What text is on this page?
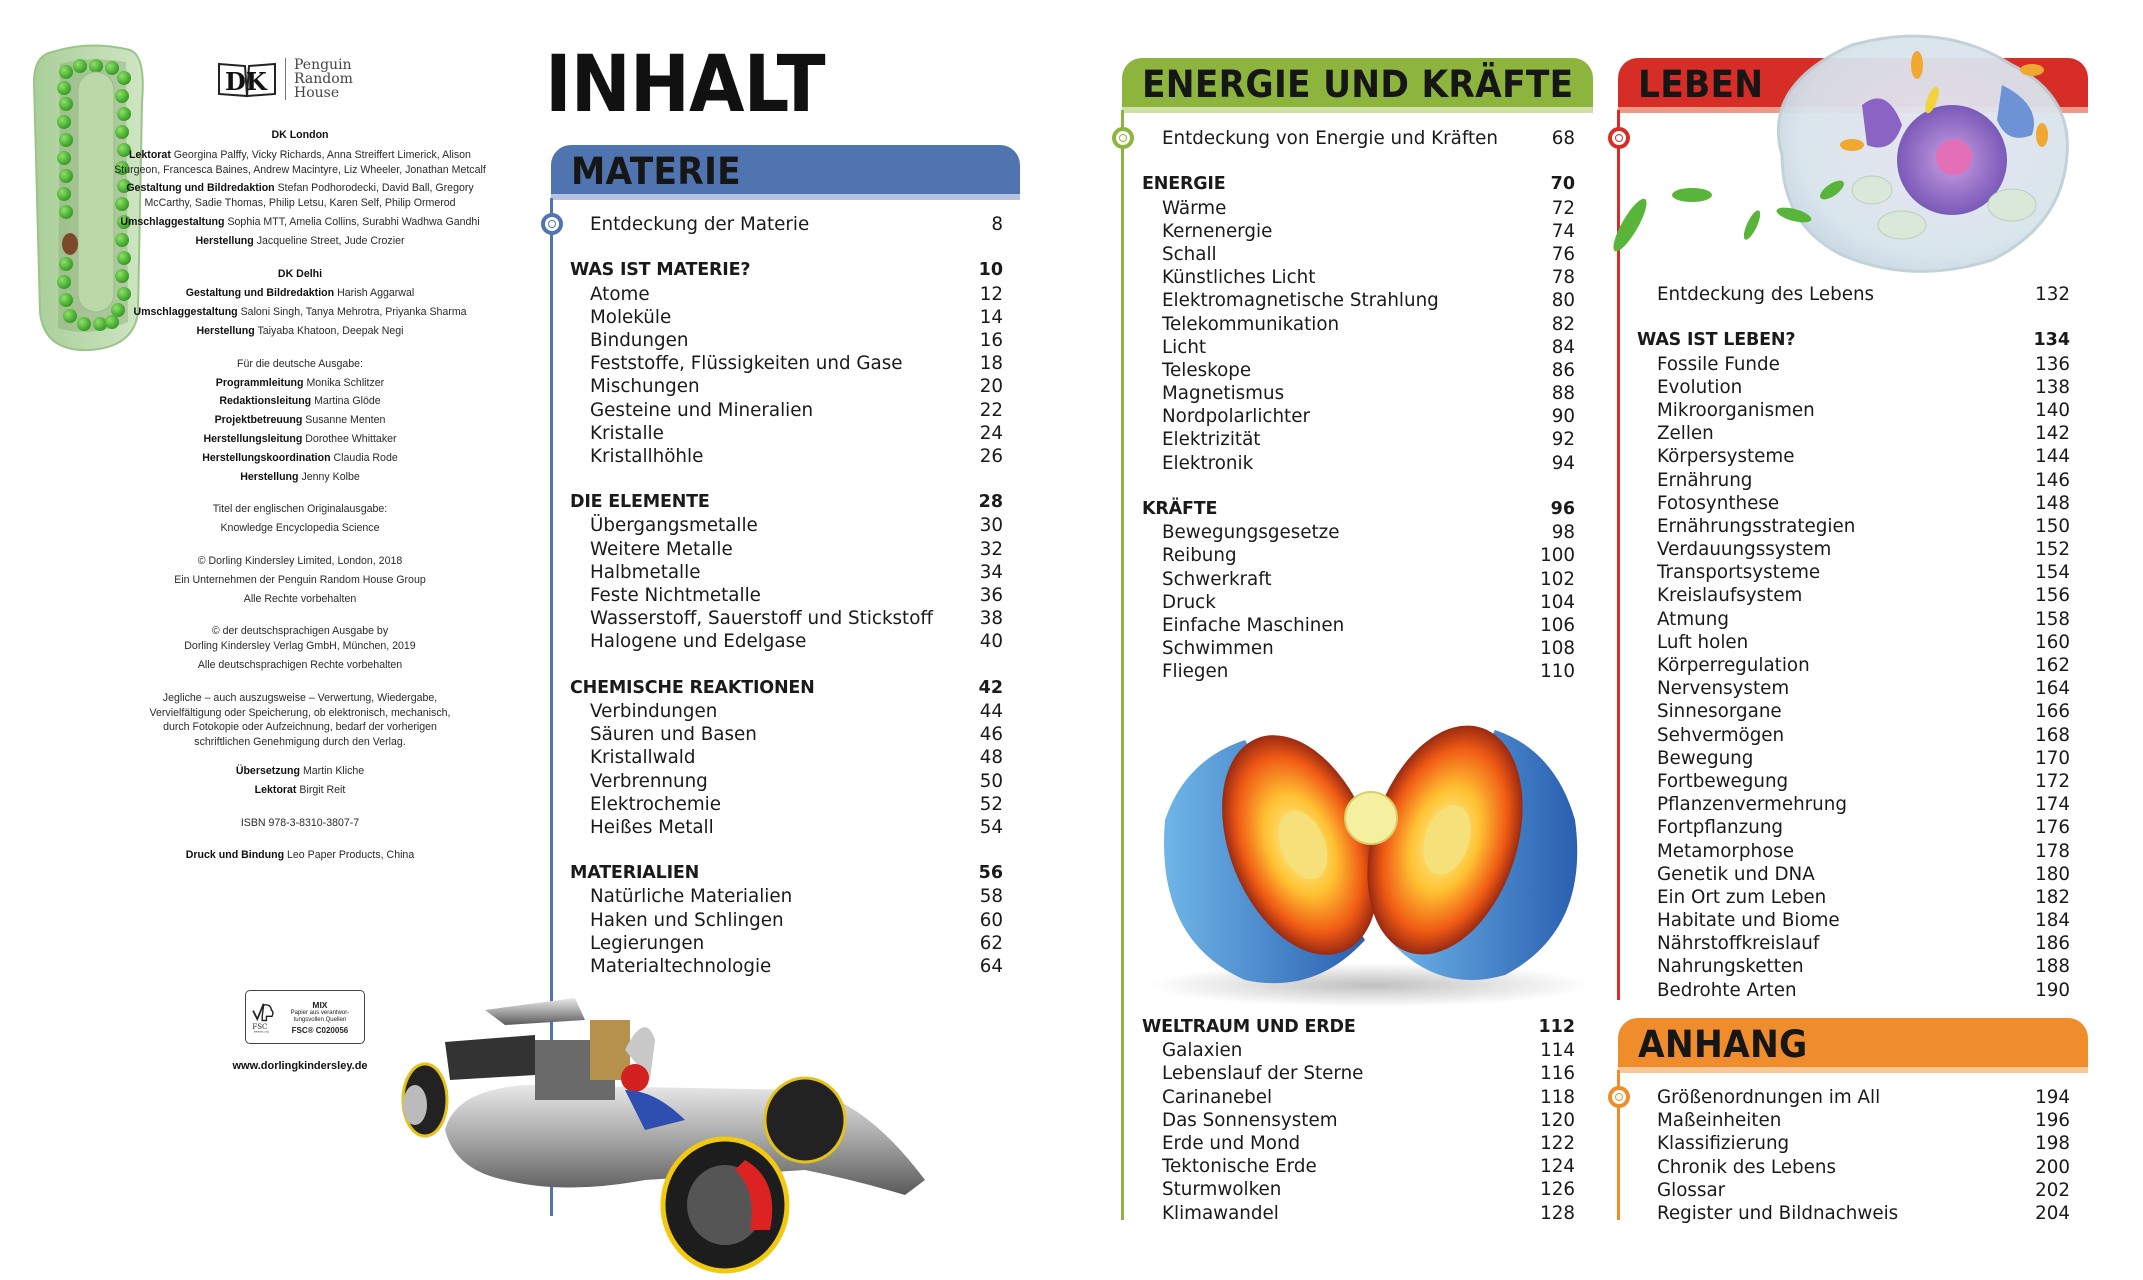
DK
Penguin
Random
House
DK London
Lektorat Georgina Palffy, Vicky Richards, Anna Streiffert Limerick, Alison Sturgeon, Francesca Baines, Andrew Macintyre, Liz Wheeler, Jonathan Metcalf
Gestaltung und Bildredaktion Stefan Podhorodecki, David Ball, Gregory McCarthy, Sadie Thomas, Philip Letsu, Karen Self, Philip Ormerod
Umschlaggestaltung Sophia MTT, Amelia Collins, Surabhi Wadhwa Gandhi
Herstellung Jacqueline Street, Jude Crozier
DK Delhi
Gestaltung und Bildredaktion Harish Aggarwal
Umschlaggestaltung Saloni Singh, Tanya Mehrotra, Priyanka Sharma
Herstellung Taiyaba Khatoon, Deepak Negi
Für die deutsche Ausgabe:
Programmleitung Monika Schlitzer
Redaktionsleitung Martina Glöde
Projektbetreuung Susanne Menten
Herstellungsleitung Dorothee Whittaker
Herstellungskoordination Claudia Rode
Herstellung Jenny Kolbe
Titel der englischen Originalausgabe:
Knowledge Encyclopedia Science
© Dorling Kindersley Limited, London, 2018
Ein Unternehmen der Penguin Random House Group
Alle Rechte vorbehalten
© der deutschsprachigen Ausgabe by
Dorling Kindersley Verlag GmbH, München, 2019
Alle deutschsprachigen Rechte vorbehalten
Jegliche – auch auszugsweise – Verwertung, Wiedergabe,
Vervielfältigung oder Speicherung, ob elektronisch, mechanisch,
durch Fotokopie oder Aufzeichnung, bedarf der vorherigen
schriftlichen Genehmigung durch den Verlag.
Übersetzung Martin Kliche
Lektorat Birgit Reit
ISBN 978-3-8310-3807-7
Druck und Bindung Leo Paper Products, China
FSC
www.fsc.org
MIX
Papier aus verantwor-tungsvollen Quellen
FSC® C020056
www.dorlingkindersley.de
INHALT
MATERIE
Entdeckung der Materie	8
WAS IST MATERIE?	10
Atome	12
Moleküle	14
Bindungen	16
Feststoffe, Flüssigkeiten und Gase	18
Mischungen	20
Gesteine und Mineralien	22
Kristalle	24
Kristallhöhle	26
DIE ELEMENTE	28
Übergangsmetalle	30
Weitere Metalle	32
Halbmetalle	34
Feste Nichtmetalle	36
Wasserstoff, Sauerstoff und Stickstoff	38
Halogene und Edelgase	40
CHEMISCHE REAKTIONEN	42
Verbindungen	44
Säuren und Basen	46
Kristallwald	48
Verbrennung	50
Elektrochemie	52
Heißes Metall	54
MATERIALIEN	56
Natürliche Materialien	58
Haken und Schlingen	60
Legierungen	62
Materialtechnologie	64
ENERGIE UND KRÄFTE
Entdeckung von Energie und Kräften	68
ENERGIE	70
Wärme	72
Kernenergie	74
Schall	76
Künstliches Licht	78
Elektromagnetische Strahlung	80
Telekommunikation	82
Licht	84
Teleskope	86
Magnetismus	88
Nordpolarlichter	90
Elektrizität	92
Elektronik	94
KRÄFTE	96
Bewegungsgesetze	98
Reibung	100
Schwerkraft	102
Druck	104
Einfache Maschinen	106
Schwimmen	108
Fliegen	110
WELTRAUM UND ERDE	112
Galaxien	114
Lebenslauf der Sterne	116
Carinanebel	118
Das Sonnensystem	120
Erde und Mond	122
Tektonische Erde	124
Sturmwolken	126
Klimawandel	128
LEBEN
Entdeckung des Lebens	132
WAS IST LEBEN?	134
Fossile Funde	136
Evolution	138
Mikroorganismen	140
Zellen	142
Körpersysteme	144
Ernährung	146
Fotosynthese	148
Ernährungsstrategien	150
Verdauungssystem	152
Transportsysteme	154
Kreislaufsystem	156
Atmung	158
Luft holen	160
Körperregulation	162
Nervensystem	164
Sinnesorgane	166
Sehvermögen	168
Bewegung	170
Fortbewegung	172
Pflanzenvermehrung	174
Fortpflanzung	176
Metamorphose	178
Genetik und DNA	180
Ein Ort zum Leben	182
Habitate und Biome	184
Nährstoffkreislauf	186
Nahrungsketten	188
Bedrohte Arten	190
ANHANG
Größenordnungen im All	194
Maßeinheiten	196
Klassifizierung	198
Chronik des Lebens	200
Glossar	202
Register und Bildnachweis	204
